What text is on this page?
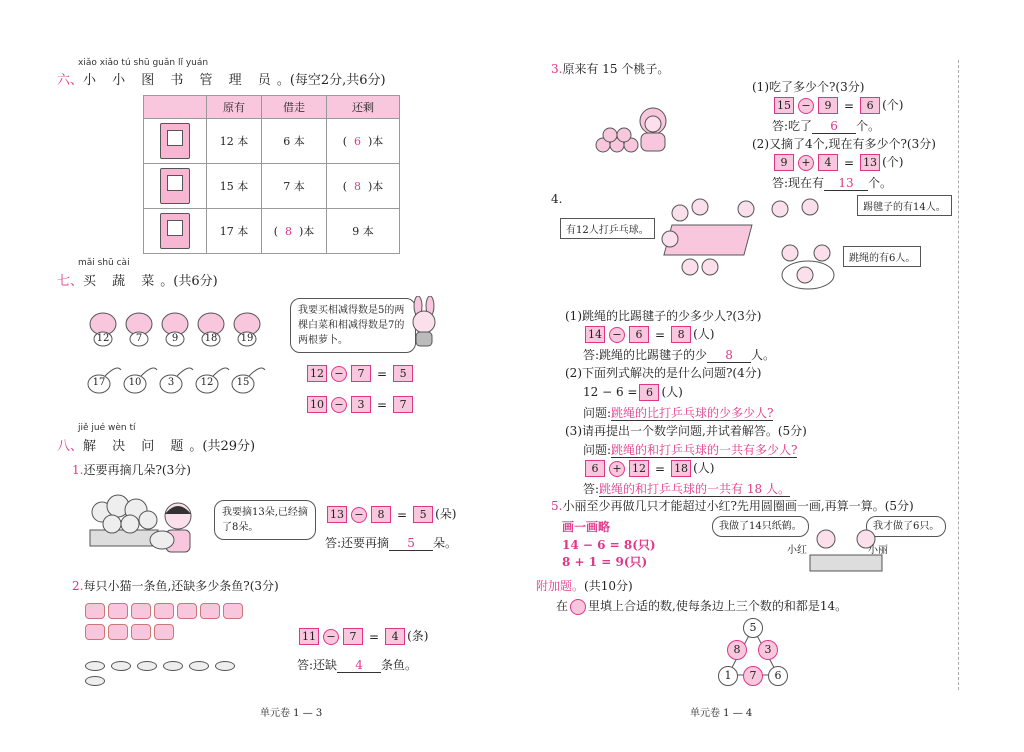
xiǎo xiǎo tú shū guǎn lǐ yuán
六、小 小 图 书 管 理 员。(每空2分,共6分)
	原有	借走	还剩

	12 本	6 本	( 6 )本

	15 本	7 本	( 8 )本

	17 本	( 8 )本	9 本
mǎi shū cài
七、买 蔬 菜。(共6分)
12	7	9	18 19
17 10	3	12 15
我要买相减得数是5的两棵白菜和相减得数是7的两根萝卜。
12 − 7 = 5
10 − 3 = 7
jiě jué wèn tí
八、解 决 问 题。(共29分)
1.还要再摘几朵?(3分)
我要摘13朵,已经摘了8朵。
13 − 8 = 5 (朵)
答:还要再摘 5 朵。
2.每只小猫一条鱼,还缺多少条鱼?(3分)
11 − 7 = 4 (条)
答:还缺 4 条鱼。
单元卷 1 — 3
3.原来有 15 个桃子。
(1)吃了多少个?(3分)
15 − 9 = 6 (个)
答:吃了 6 个。
(2)又摘了4个,现在有多少个?(3分)
9 + 4 = 13 (个)
答:现在有 13 个。
4.
有12人打乒乓球。
踢毽子的有14人。
跳绳的有6人。
(1)跳绳的比踢毽子的少多少人?(3分)
14 − 6 = 8 (人)
答:跳绳的比踢毽子的少 8 人。
(2)下面列式解决的是什么问题?(4分)
12 − 6 = 6 (人)
问题:跳绳的比打乒乓球的少多少人?
(3)请再提出一个数学问题,并试着解答。(5分)
问题:跳绳的和打乒乓球的一共有多少人?
6 + 12 = 18 (人)
答:跳绳的和打乒乓球的一共有 18 人。
5.小丽至少再做几只才能超过小红?先用圆圈画一画,再算一算。(5分)
画一画略
14 − 6 = 8(只)
8 + 1 = 9(只)
我做了14只纸鹤。	我才做了6只。
小红	小丽
附加题。(共10分)
在 里填上合适的数,使每条边上三个数的和都是14。
5
8	3
1	7	6
单元卷 1 — 4
